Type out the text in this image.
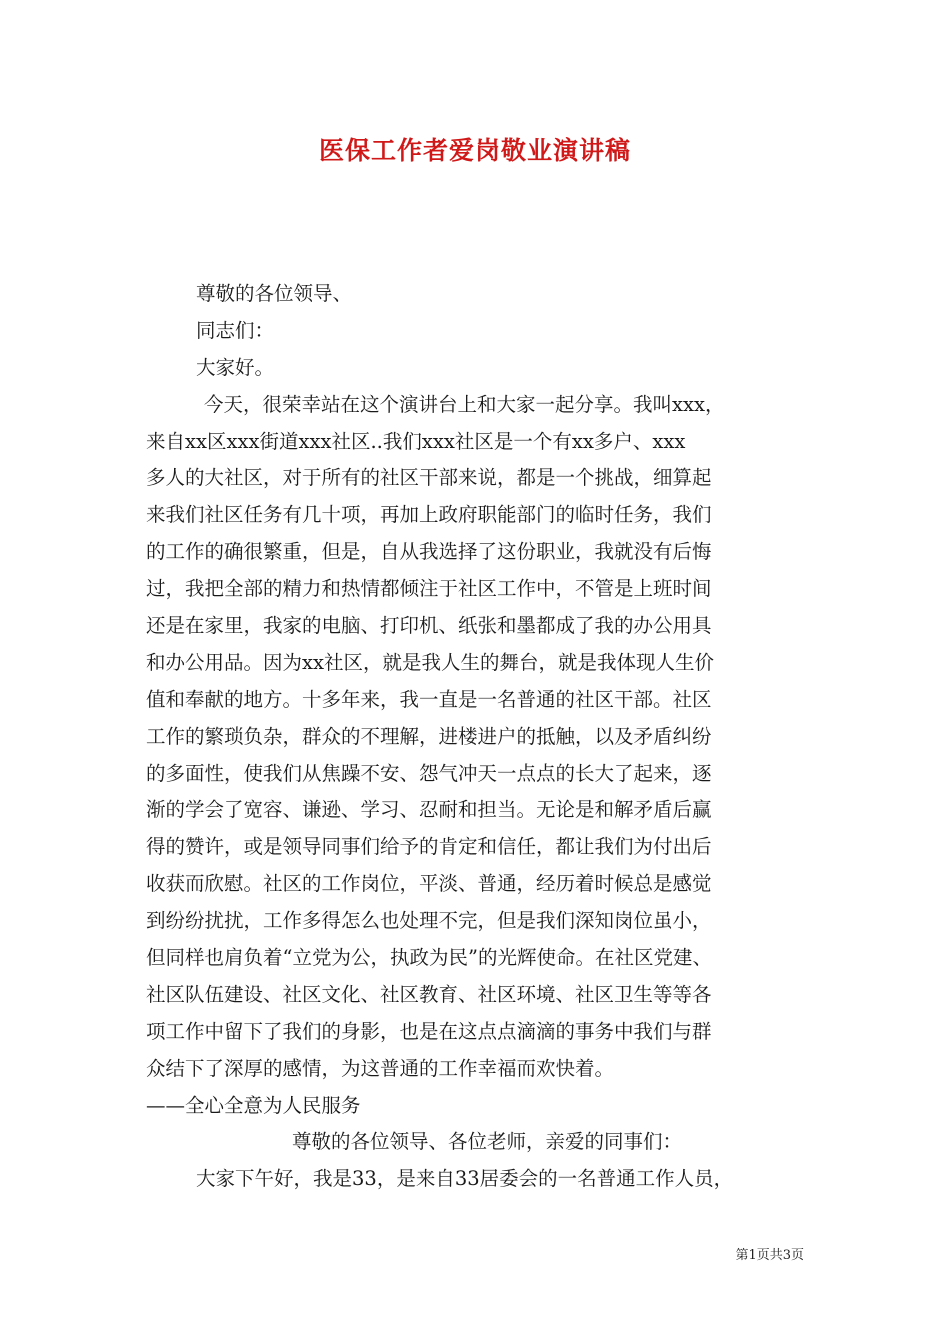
医保工作者爱岗敬业演讲稿
尊敬的各位领导、
同志们：
大家好。
今天，很荣幸站在这个演讲台上和大家一起分享。我叫xxx，
来自xx区xxx街道xxx社区..我们xxx社区是一个有xx多户、xxx
多人的大社区，对于所有的社区干部来说，都是一个挑战，细算起
来我们社区任务有几十项，再加上政府职能部门的临时任务，我们
的工作的确很繁重，但是，自从我选择了这份职业，我就没有后悔
过，我把全部的精力和热情都倾注于社区工作中，不管是上班时间
还是在家里，我家的电脑、打印机、纸张和墨都成了我的办公用具
和办公用品。因为xx社区，就是我人生的舞台，就是我体现人生价
值和奉献的地方。十多年来，我一直是一名普通的社区干部。社区
工作的繁琐负杂，群众的不理解，进楼进户的抵触，以及矛盾纠纷
的多面性，使我们从焦躁不安、怨气冲天一点点的长大了起来，逐
渐的学会了宽容、谦逊、学习、忍耐和担当。无论是和解矛盾后赢
得的赞许，或是领导同事们给予的肯定和信任，都让我们为付出后
收获而欣慰。社区的工作岗位，平淡、普通，经历着时候总是感觉
到纷纷扰扰，工作多得怎么也处理不完，但是我们深知岗位虽小，
但同样也肩负着“立党为公，执政为民”的光辉使命。在社区党建、
社区队伍建设、社区文化、社区教育、社区环境、社区卫生等等各
项工作中留下了我们的身影，也是在这点点滴滴的事务中我们与群
众结下了深厚的感情，为这普通的工作幸福而欢快着。
——全心全意为人民服务
尊敬的各位领导、各位老师，亲爱的同事们：
大家下午好，我是33，是来自33居委会的一名普通工作人员，
第1页共3页
